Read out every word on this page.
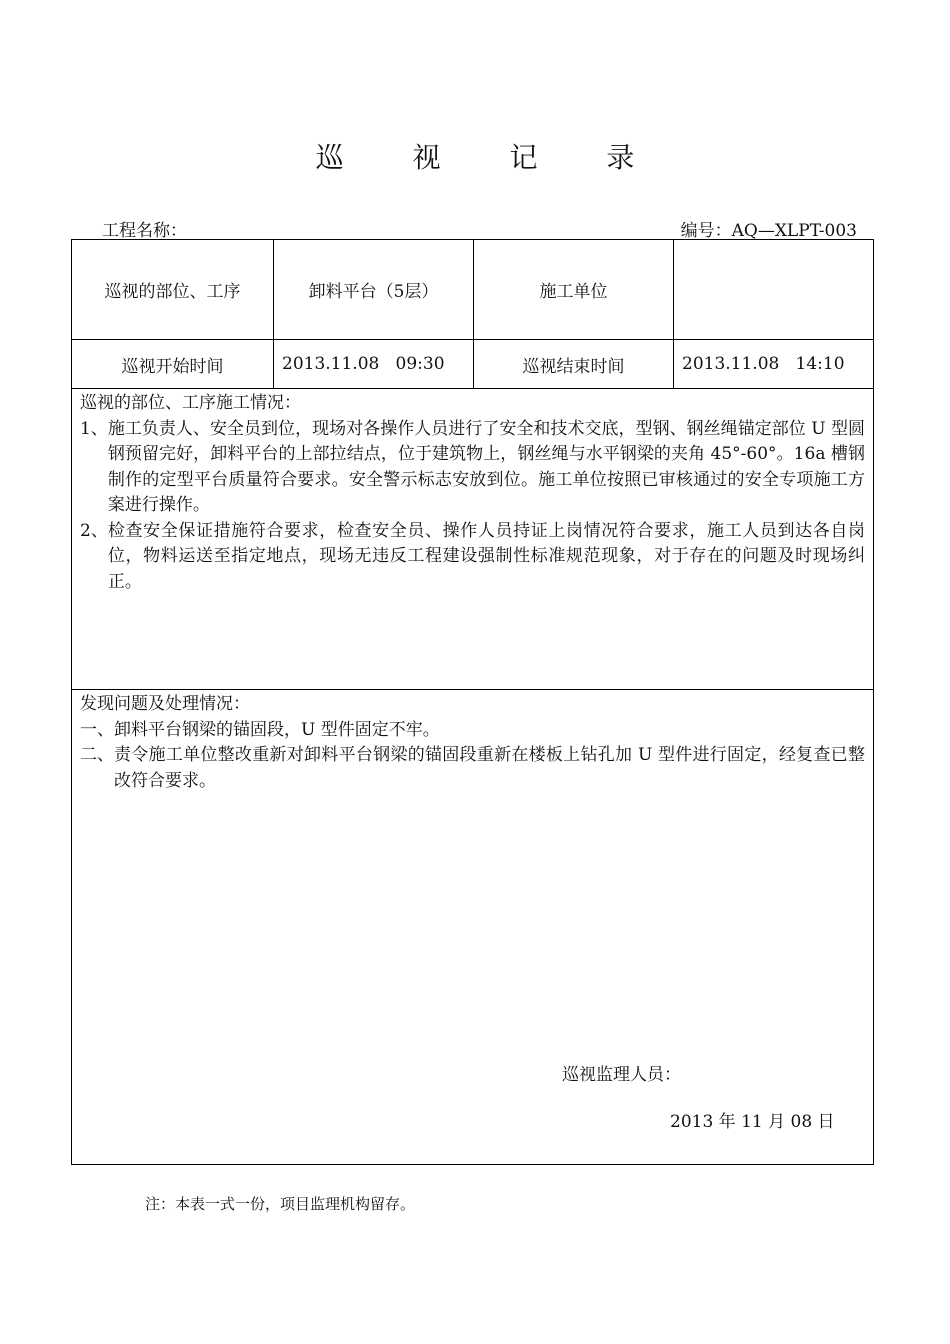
巡 视 记 录
工程名称：	编号：AQ—XLPT-003
巡视的部位、工序	卸料平台（5层）	施工单位
巡视开始时间	2013.11.08   09:30	巡视结束时间	2013.11.08   14:10
巡视的部位、工序施工情况：
1、 施工负责人、安全员到位，现场对各操作人员进行了安全和技术交底，型钢、钢丝绳锚定部位 U 型圆钢预留完好，卸料平台的上部拉结点，位于建筑物上，钢丝绳与水平钢梁的夹角 45°-60°。16a 槽钢制作的定型平台质量符合要求。安全警示标志安放到位。施工单位按照已审核通过的安全专项施工方案进行操作。
2、 检查安全保证措施符合要求，检查安全员、操作人员持证上岗情况符合要求，施工人员到达各自岗位，物料运送至指定地点，现场无违反工程建设强制性标准规范现象，对于存在的问题及时现场纠正。
发现问题及处理情况：
一、 卸料平台钢梁的锚固段，U 型件固定不牢。
二、 责令施工单位整改重新对卸料平台钢梁的锚固段重新在楼板上钻孔加 U 型件进行固定，经复查已整改符合要求。
巡视监理人员：
2013 年 11 月 08 日
注：本表一式一份，项目监理机构留存。
